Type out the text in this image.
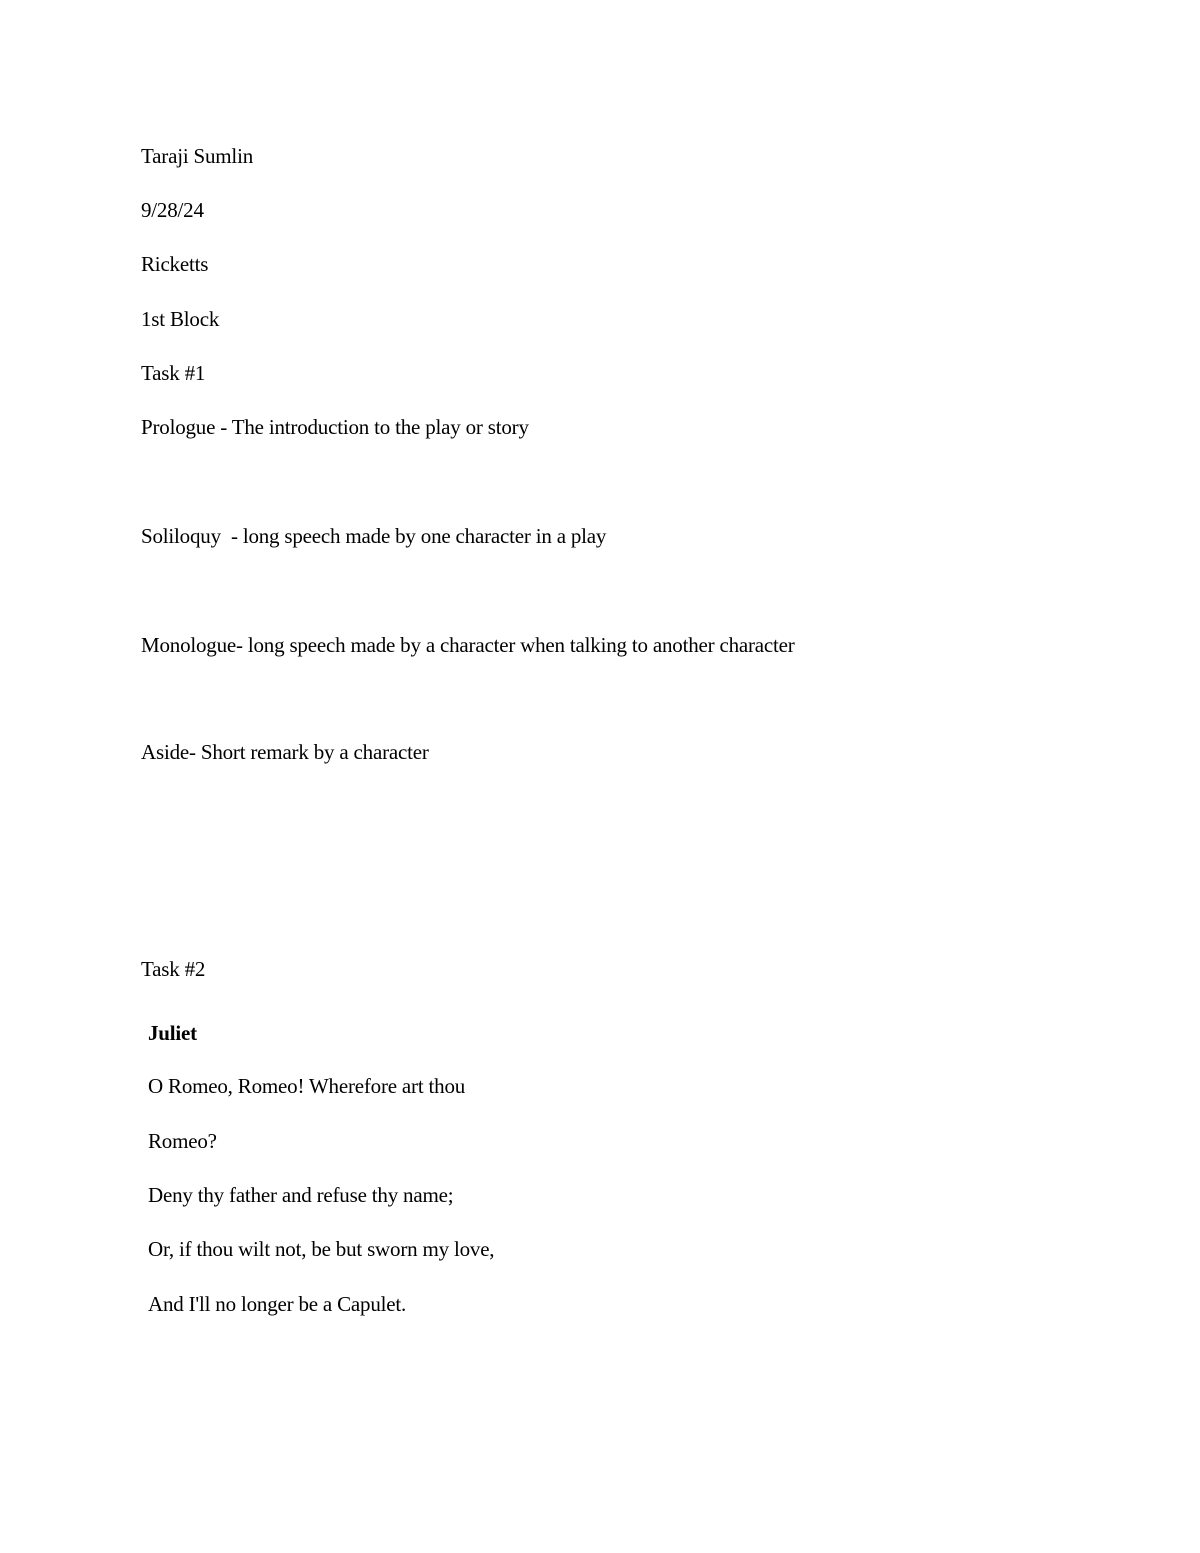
Taraji Sumlin
9/28/24
Ricketts
1st Block
Task #1
Prologue - The introduction to the play or story
Soliloquy  - long speech made by one character in a play
Monologue- long speech made by a character when talking to another character
Aside- Short remark by a character
Task #2
Juliet
O Romeo, Romeo! Wherefore art thou
Romeo?
Deny thy father and refuse thy name;
Or, if thou wilt not, be but sworn my love,
And I'll no longer be a Capulet.
